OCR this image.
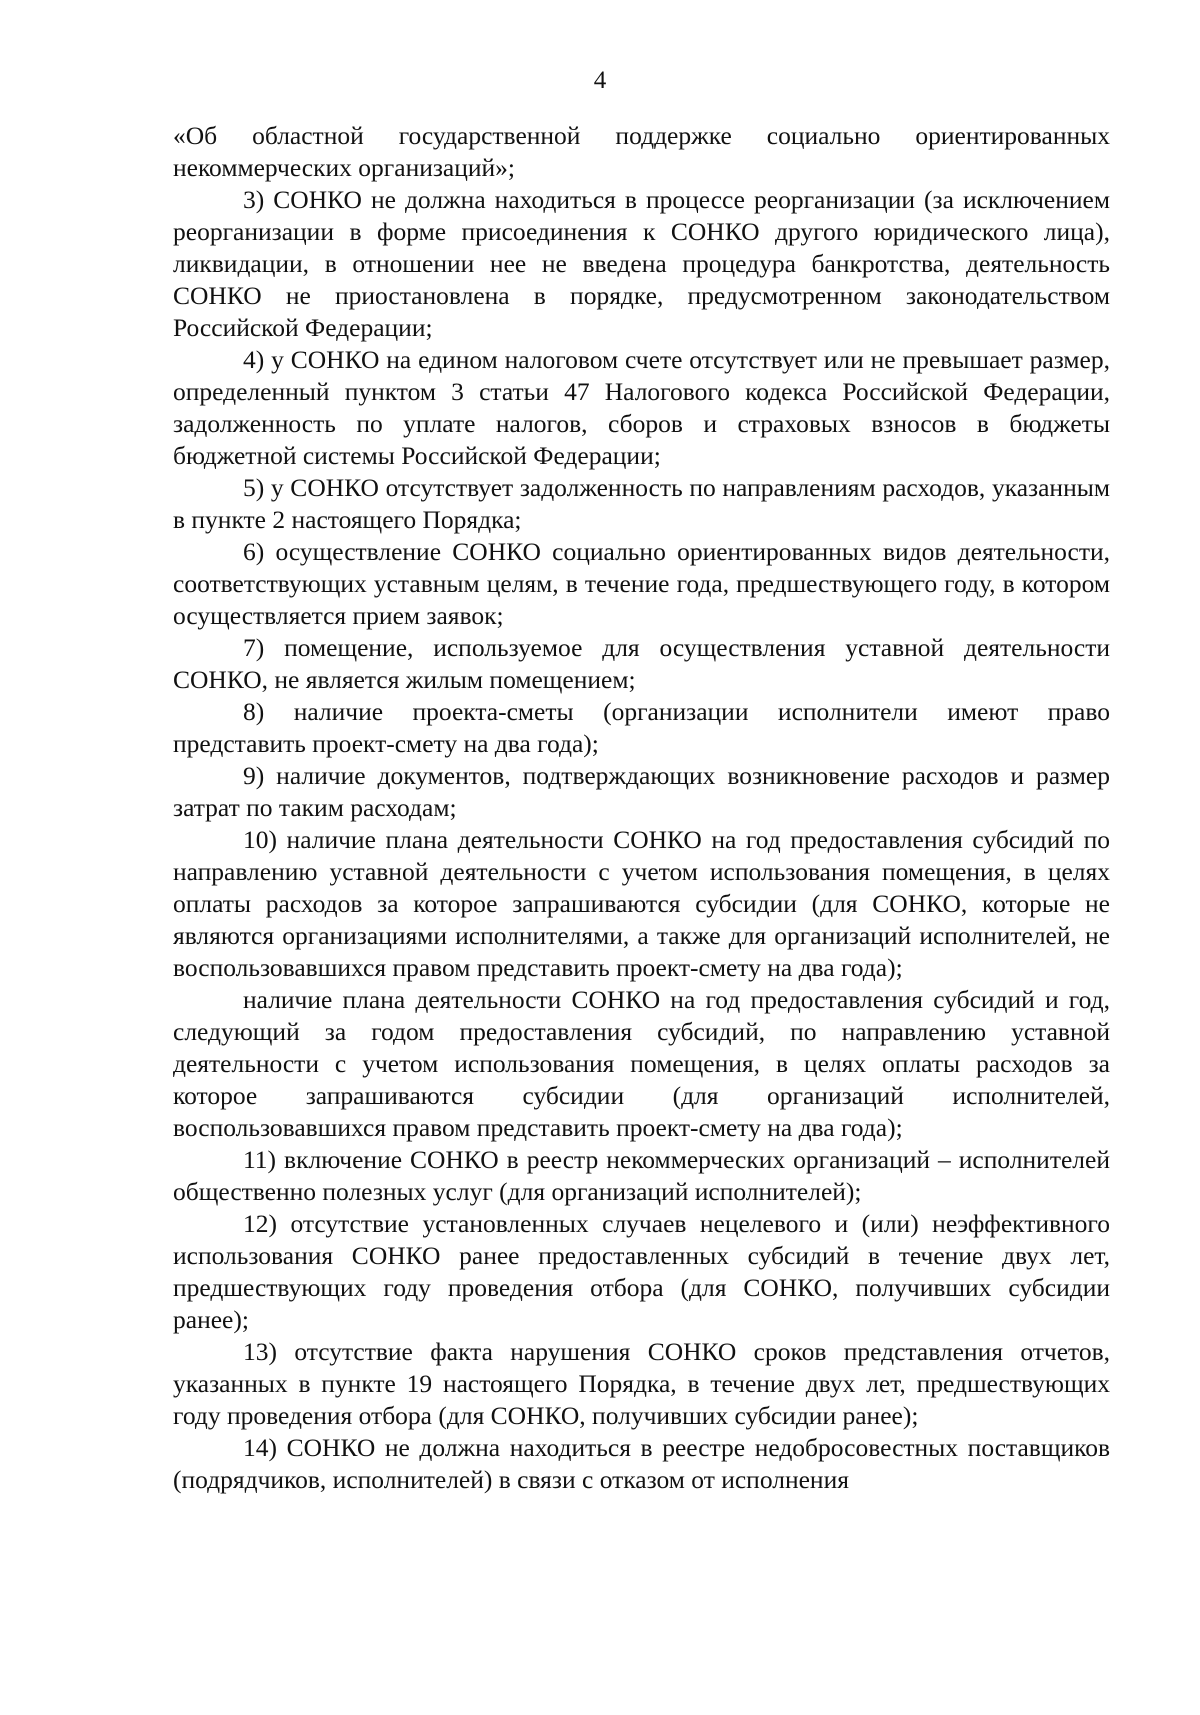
4

«Об областной государственной поддержке социально ориентированных некоммерческих организаций»;

3) СОНКО не должна находиться в процессе реорганизации (за исключением реорганизации в форме присоединения к СОНКО другого юридического лица), ликвидации, в отношении нее не введена процедура банкротства, деятельность СОНКО не приостановлена в порядке, предусмотренном законодательством Российской Федерации;

4) у СОНКО на едином налоговом счете отсутствует или не превышает размер, определенный пунктом 3 статьи 47 Налогового кодекса Российской Федерации, задолженность по уплате налогов, сборов и страховых взносов в бюджеты бюджетной системы Российской Федерации;

5) у СОНКО отсутствует задолженность по направлениям расходов, указанным в пункте 2 настоящего Порядка;

6) осуществление СОНКО социально ориентированных видов деятельности, соответствующих уставным целям, в течение года, предшествующего году, в котором осуществляется прием заявок;

7) помещение, используемое для осуществления уставной деятельности СОНКО, не является жилым помещением;

8) наличие проекта-сметы (организации исполнители имеют право представить проект-смету на два года);

9) наличие документов, подтверждающих возникновение расходов и размер затрат по таким расходам;

10) наличие плана деятельности СОНКО на год предоставления субсидий по направлению уставной деятельности с учетом использования помещения, в целях оплаты расходов за которое запрашиваются субсидии (для СОНКО, которые не являются организациями исполнителями, а также для организаций исполнителей, не воспользовавшихся правом представить проект-смету на два года);

наличие плана деятельности СОНКО на год предоставления субсидий и год, следующий за годом предоставления субсидий, по направлению уставной деятельности с учетом использования помещения, в целях оплаты расходов за которое запрашиваются субсидии (для организаций исполнителей, воспользовавшихся правом представить проект-смету на два года);

11) включение СОНКО в реестр некоммерческих организаций – исполнителей общественно полезных услуг (для организаций исполнителей);

12) отсутствие установленных случаев нецелевого и (или) неэффективного использования СОНКО ранее предоставленных субсидий в течение двух лет, предшествующих году проведения отбора (для СОНКО, получивших субсидии ранее);

13) отсутствие факта нарушения СОНКО сроков представления отчетов, указанных в пункте 19 настоящего Порядка, в течение двух лет, предшествующих году проведения отбора (для СОНКО, получивших субсидии ранее);

14) СОНКО не должна находиться в реестре недобросовестных поставщиков (подрядчиков, исполнителей) в связи с отказом от исполнения
